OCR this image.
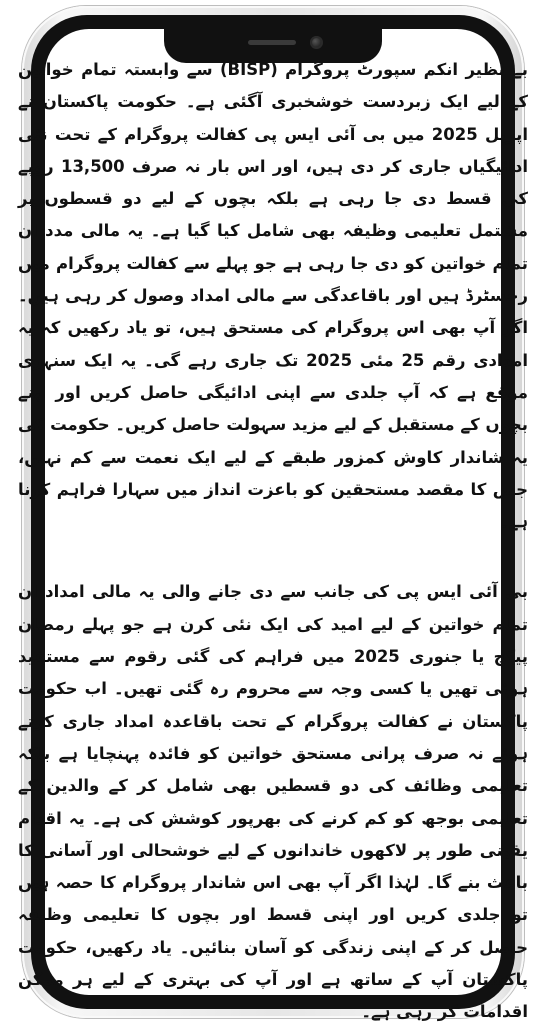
بے نظیر انکم سپورٹ پروگرام (BISP) سے وابستہ تمام خواتین کے لیے ایک زبردست خوشخبری آگئی ہے۔ حکومت پاکستان نے اپریل 2025 میں بی آئی ایس پی کفالت پروگرام کے تحت نئی ادائیگیاں جاری کر دی ہیں، اور اس بار نہ صرف 13,500 روپے کی قسط دی جا رہی ہے بلکہ بچوں کے لیے دو قسطوں پر مشتمل تعلیمی وظیفہ بھی شامل کیا گیا ہے۔ یہ مالی مدد ان تمام خواتین کو دی جا رہی ہے جو پہلے سے کفالت پروگرام میں رجسٹرڈ ہیں اور باقاعدگی سے مالی امداد وصول کر رہی ہیں۔ اگر آپ بھی اس پروگرام کی مستحق ہیں، تو یاد رکھیں کہ یہ امدادی رقم 25 مئی 2025 تک جاری رہے گی۔ یہ ایک سنہری موقع ہے کہ آپ جلدی سے اپنی ادائیگی حاصل کریں اور اپنے بچوں کے مستقبل کے لیے مزید سہولت حاصل کریں۔ حکومت کی یہ شاندار کاوش کمزور طبقے کے لیے ایک نعمت سے کم نہیں، جس کا مقصد مستحقین کو باعزت انداز میں سہارا فراہم کرنا ہے۔

بی آئی ایس پی کی جانب سے دی جانے والی یہ مالی امداد ان تمام خواتین کے لیے امید کی ایک نئی کرن ہے جو پہلے رمضان پیکج یا جنوری 2025 میں فراہم کی گئی رقوم سے مستفید ہوئی تھیں یا کسی وجہ سے محروم رہ گئی تھیں۔ اب حکومت پاکستان نے کفالت پروگرام کے تحت باقاعدہ امداد جاری کرتے ہوئے نہ صرف پرانی مستحق خواتین کو فائدہ پہنچایا ہے بلکہ تعلیمی وظائف کی دو قسطیں بھی شامل کر کے والدین کے تعلیمی بوجھ کو کم کرنے کی بھرپور کوشش کی ہے۔ یہ اقدام یقینی طور پر لاکھوں خاندانوں کے لیے خوشحالی اور آسانی کا باعث بنے گا۔ لہٰذا اگر آپ بھی اس شاندار پروگرام کا حصہ ہیں تو جلدی کریں اور اپنی قسط اور بچوں کا تعلیمی وظیفہ حاصل کر کے اپنی زندگی کو آسان بنائیں۔ یاد رکھیں، حکومت پاکستان آپ کے ساتھ ہے اور آپ کی بہتری کے لیے ہر ممکن اقدامات کر رہی ہے۔
